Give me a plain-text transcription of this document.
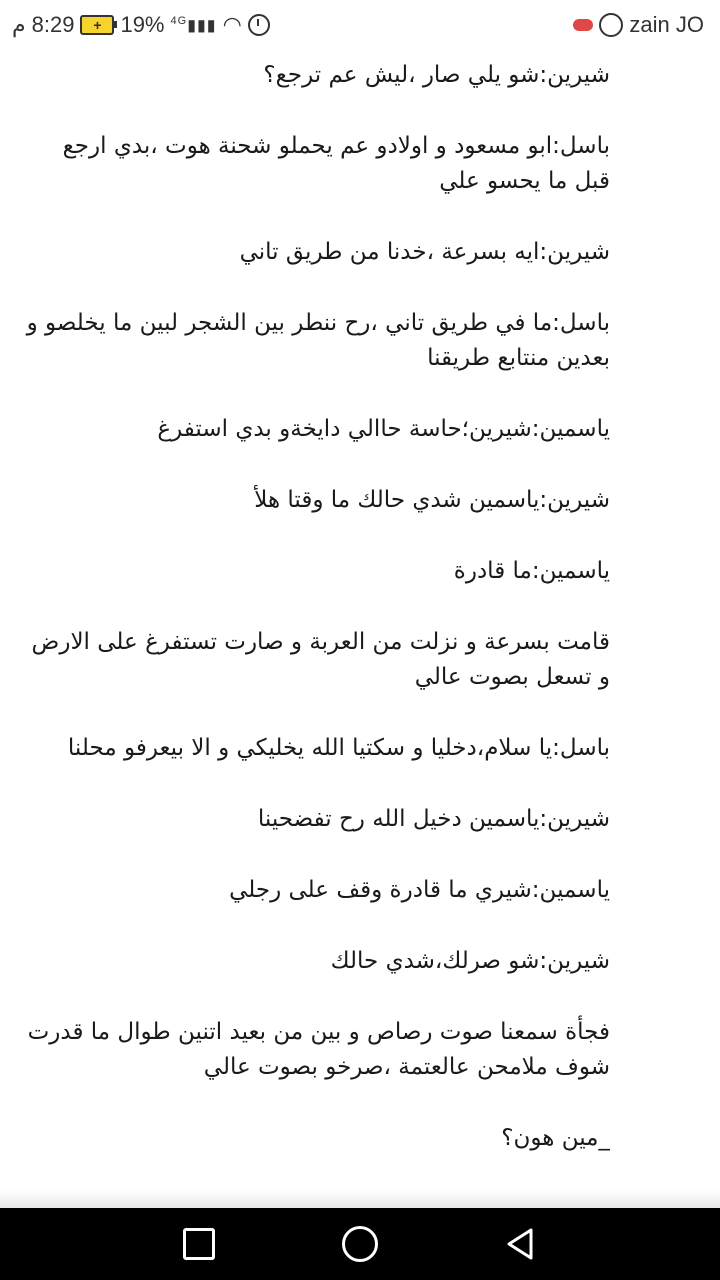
م 8:29	+ 19% $^{4G}$▮▮▮ ◠	zain JO

شيرين:شو يلي صار ،ليش عم ترجع؟

باسل:ابو مسعود و اولادو عم يحملو شحنة هوت ،بدي ارجع قبل ما يحسو علي

شيرين:ايه بسرعة ،خدنا من طريق تاني

باسل:ما في طريق تاني ،رح ننطر بين الشجر لبين ما يخلصو و بعدين منتابع طريقنا

ياسمين:شيرين؛حاسة حاالي دايخةو بدي استفرغ

شيرين:ياسمين شدي حالك ما وقتا هلأ

ياسمين:ما قادرة

قامت بسرعة و نزلت من العربة و صارت تستفرغ على الارض و تسعل بصوت عالي

باسل:يا سلام،دخليا و سكتيا الله يخليكي و الا بيعرفو محلنا

شيرين:ياسمين دخيل الله رح تفضحينا

ياسمين:شيري ما قادرة وقف على رجلي

شيرين:شو صرلك،شدي حالك

فجأة سمعنا صوت رصاص و بين من بعيد اتنين طوال ما قدرت شوف ملامحن عالعتمة ،صرخو بصوت عالي

_مين هون؟
